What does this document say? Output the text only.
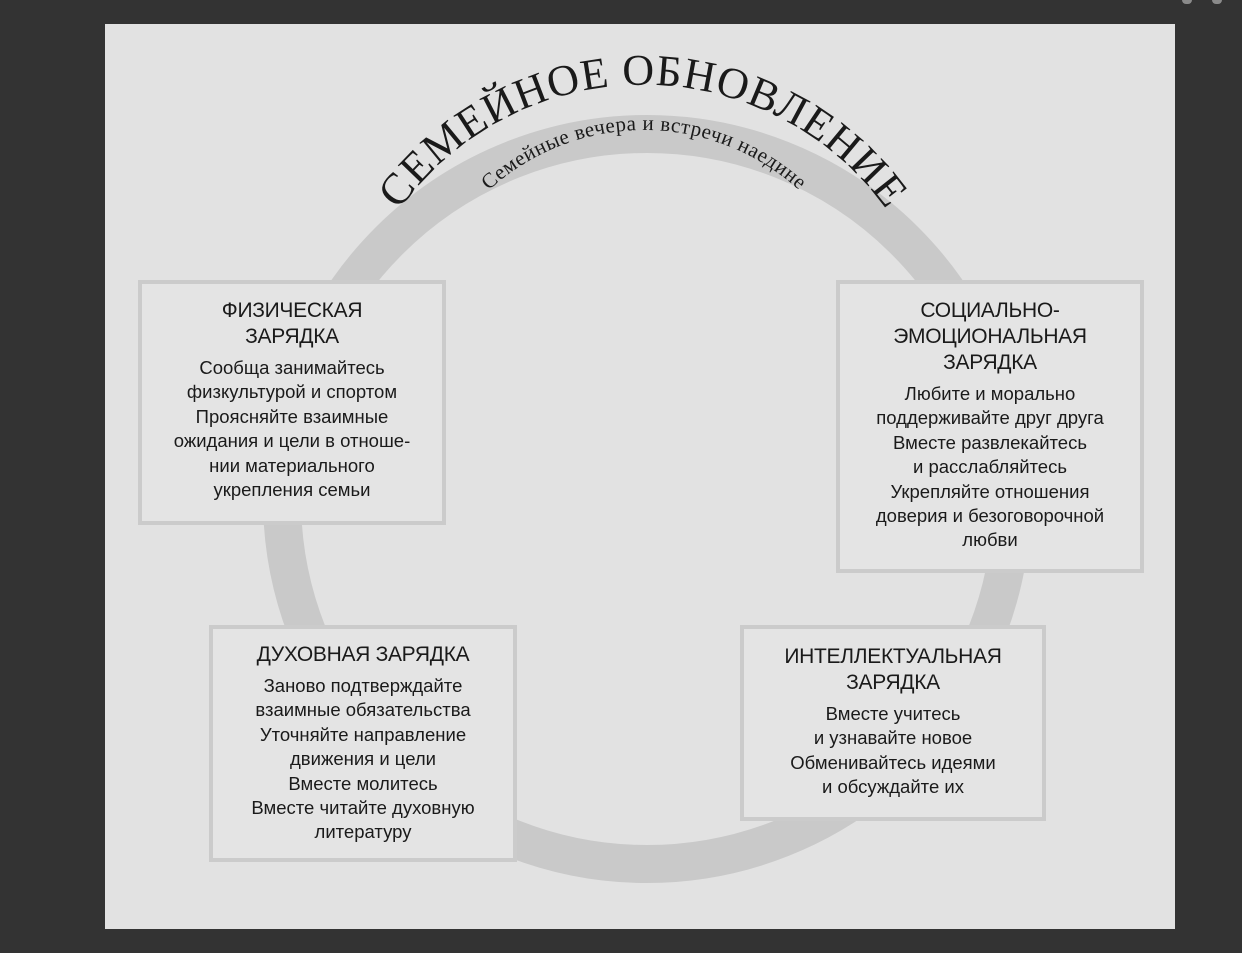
СЕМЕЙНОЕ ОБНОВЛЕНИЕ
Семейные вечера и встречи наедине
ФИЗИЧЕСКАЯ
ЗАРЯДКА
Сообща занимайтесь
физкультурой и спортом
Проясняйте взаимные
ожидания и цели в отноше-
нии материального
укрепления семьи
СОЦИАЛЬНО-
ЭМОЦИОНАЛЬНАЯ
ЗАРЯДКА
Любите и морально
поддерживайте друг друга
Вместе развлекайтесь
и расслабляйтесь
Укрепляйте отношения
доверия и безоговорочной
любви
ДУХОВНАЯ ЗАРЯДКА
Заново подтверждайте
взаимные обязательства
Уточняйте направление
движения и цели
Вместе молитесь
Вместе читайте духовную
литературу
ИНТЕЛЛЕКТУАЛЬНАЯ
ЗАРЯДКА
Вместе учитесь
и узнавайте новое
Обменивайтесь идеями
и обсуждайте их
